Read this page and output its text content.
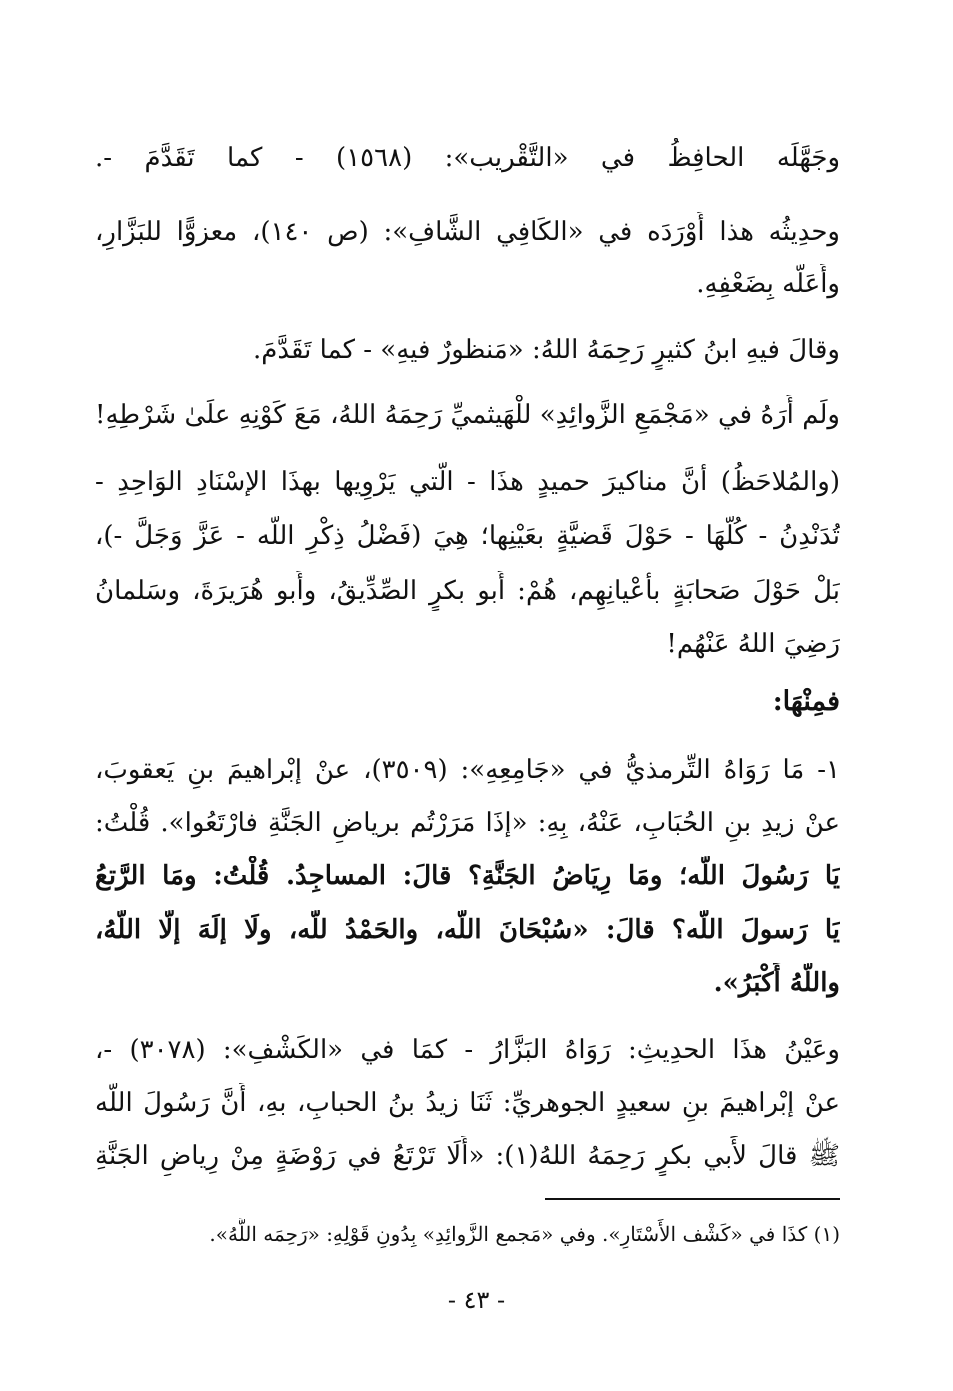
وجَهَّلَه الحافِظُ في «التَّقْريب»: (١٥٦٨) - كما تَقَدَّمَ -.
وحدِيثُه هذا أَوْرَدَه في «الكَافِي الشَّافِ»: (ص ١٤٠)، معزوًّا للبَزَّارِ،
وأَعَلَّه بِضَعْفِهِ.
وقالَ فيهِ ابنُ كثيرٍ رَحِمَهُ اللهُ: «مَنظورٌ فيهِ» - كما تَقَدَّمَ.
ولَم أَرَهُ في «مَجْمَعِ الزَّوائِدِ» للْهَيثميِّ رَحِمَهُ اللهُ، مَعَ كَوْنِهِ علَىٰ شَرْطِهِ!
(والمُلاحَظُ) أنَّ مناكيرَ حميدٍ هذَا - الَّتي يَرْوِيها بهذَا الإسْنَادِ الوَاحِدِ -
تُدَنْدِنُ - كُلُّهَا - حَوْلَ قَضيَّةٍ بعَيْنِها؛ هِيَ (فَضْلُ ذِكْرِ اللَّه - عَزَّ وَجَلَّ -)،
بَلْ حَوْلَ صَحابَةٍ بأَعْيانِهِم، هُمْ: أَبو بكرٍ الصِّدِّيقُ، وأَبو هُرَيرَةَ، وسَلمانُ
رَضِيَ اللهُ عَنْهُم!
فمِنْهَا:
١- مَا رَوَاهُ التِّرمذيُّ في «جَامِعِهِ»: (٣٥٠٩)، عنْ إبْراهيمَ بنِ يَعقوبَ،
عنْ زيدِ بنِ الحُبَابِ، عَنْهُ، بِهِ: «إذَا مَرَرْتُم برياضِ الجَنَّةِ فارْتَعُوا». قُلْتُ:
يَا رَسُولَ اللَّه؛ ومَا رِيَاضُ الجَنَّةِ؟ قالَ: المساجِدُ. قُلْتُ: ومَا الرَّتعُ
يَا رَسولَ اللَّه؟ قالَ: «سُبْحَانَ اللَّه، والحَمْدُ للَّه، ولَا إلَهَ إلَّا اللَّهُ،
واللَّهُ أَكْبَرُ».
وعَيْنُ هذَا الحدِيثِ: رَوَاهُ البَزَّارُ - كمَا في «الكَشْفِ»: (٣٠٧٨) -،
عنْ إبْراهيمَ بنِ سعيدٍ الجوهريِّ: ثَنَا زيدُ بنُ الحبابِ، بهِ، أَنَّ رَسُولَ اللَّه
ﷺ قالَ لأَبي بكرٍ رَحِمَهُ اللهُ(١): «أَلَا تَرْتَعُ في رَوْضَةٍ مِنْ رِياضِ الجَنَّةِ
(١) كذَا في «كَشْف الأَسْتَارِ». وفي «مَجمع الزَّوائِدِ» بِدُونِ قَوْلِهِ: «رَحِمَه اللَّهُ».
- ٤٣ -
